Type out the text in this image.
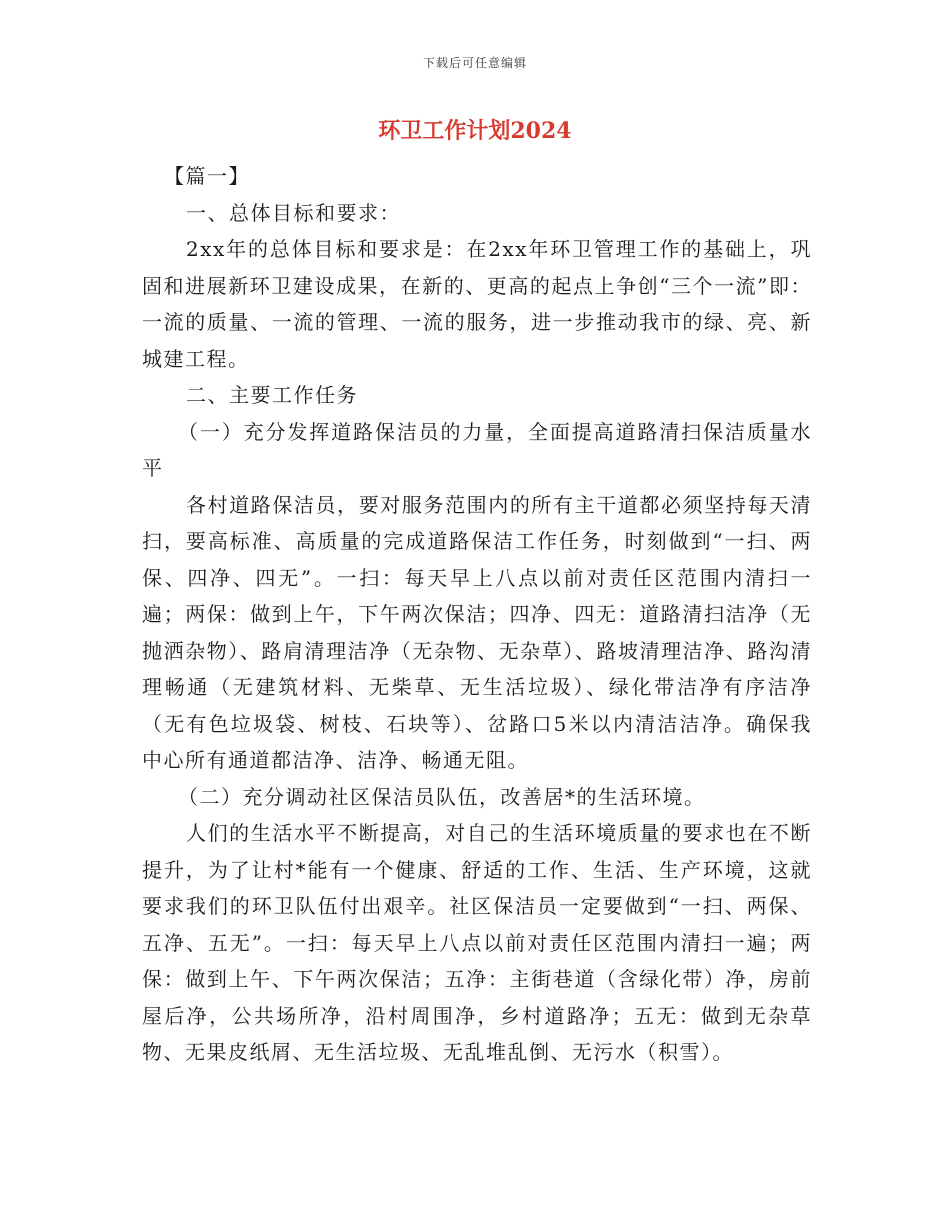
下载后可任意编辑
环卫工作计划2024

【篇一】

一、总体目标和要求：

2xx年的总体目标和要求是：在2xx年环卫管理工作的基础上，巩固和进展新环卫建设成果，在新的、更高的起点上争创“三个一流”即：一流的质量、一流的管理、一流的服务，进一步推动我市的绿、亮、新城建工程。

二、主要工作任务

（一）充分发挥道路保洁员的力量，全面提高道路清扫保洁质量水平

各村道路保洁员，要对服务范围内的所有主干道都必须坚持每天清扫，要高标准、高质量的完成道路保洁工作任务，时刻做到“一扫、两保、四净、四无”。一扫：每天早上八点以前对责任区范围内清扫一遍；两保：做到上午，下午两次保洁；四净、四无：道路清扫洁净（无抛洒杂物）、路肩清理洁净（无杂物、无杂草）、路坡清理洁净、路沟清理畅通（无建筑材料、无柴草、无生活垃圾）、绿化带洁净有序洁净（无有色垃圾袋、树枝、石块等）、岔路口5米以内清洁洁净。确保我中心所有通道都洁净、洁净、畅通无阻。

（二）充分调动社区保洁员队伍，改善居*的生活环境。

人们的生活水平不断提高，对自己的生活环境质量的要求也在不断提升，为了让村*能有一个健康、舒适的工作、生活、生产环境，这就要求我们的环卫队伍付出艰辛。社区保洁员一定要做到“一扫、两保、五净、五无”。一扫：每天早上八点以前对责任区范围内清扫一遍；两保：做到上午、下午两次保洁；五净：主街巷道（含绿化带）净，房前屋后净，公共场所净，沿村周围净，乡村道路净；五无：做到无杂草物、无果皮纸屑、无生活垃圾、无乱堆乱倒、无污水（积雪）。
